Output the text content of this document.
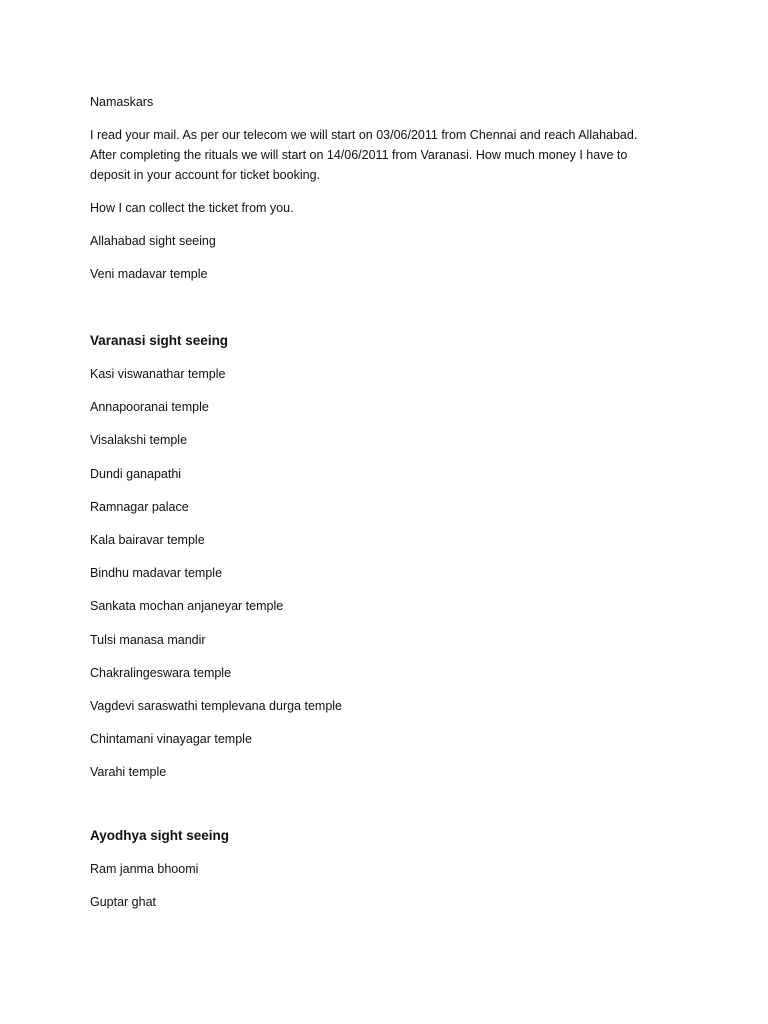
Namaskars

I read your mail. As per our telecom we will start on 03/06/2011 from Chennai and reach Allahabad.
After completing the rituals we will start on 14/06/2011 from Varanasi. How much money I have to
deposit in your account for ticket booking.

How I can collect the ticket from you.

Allahabad sight seeing

Veni madavar temple

Varanasi sight seeing

Kasi viswanathar temple
Annapooranai temple
Visalakshi temple
Dundi ganapathi
Ramnagar palace
Kala bairavar temple
Bindhu madavar temple
Sankata mochan anjaneyar temple
Tulsi manasa mandir
Chakralingeswara temple
Vagdevi saraswathi templevana durga temple
Chintamani vinayagar temple
Varahi temple

Ayodhya sight seeing

Ram janma bhoomi
Guptar ghat
